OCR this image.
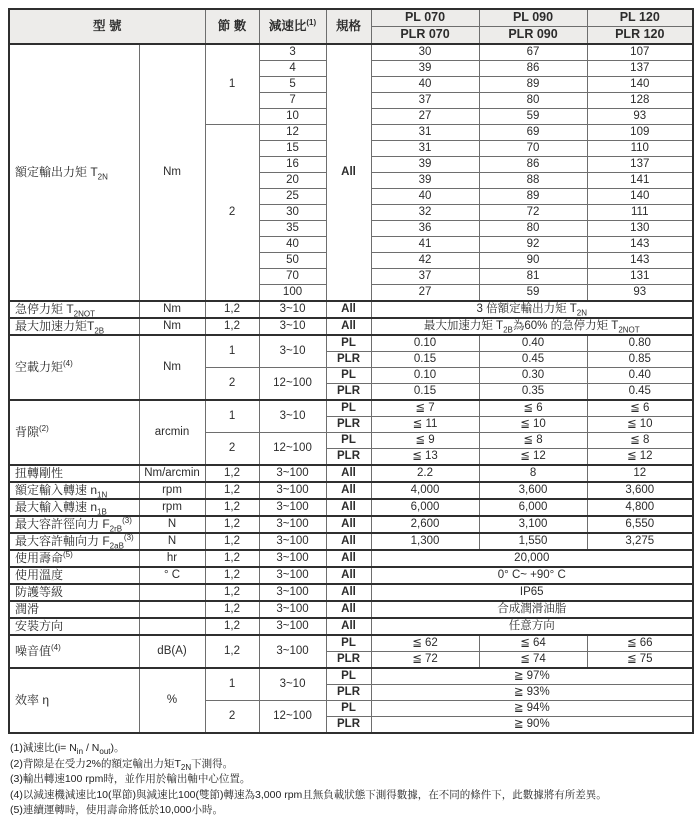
型 號		節 數	減速比$^{(1)}$	規格	PL 070	PL 090	PL 120
					PLR 070	PLR 090	PLR 120
額定輸出力矩 $T_{2N}$	Nm	1	3	All	30	67	107
			4		39	86	137
			5		40	89	140
			7		37	80	128
			10		27	59	93
		2	12		31	69	109
			15		31	70	110
			16		39	86	137
			20		39	88	141
			25		40	89	140
			30		32	72	111
			35		36	80	130
			40		41	92	143
			50		42	90	143
			70		37	81	131
			100		27	59	93
急停力矩 $T_{2NOT}$	Nm	1,2	3~10	All	3 倍額定輸出力矩 $T_{2N}$
最大加速力矩$T_{2B}$	Nm	1,2	3~10	All	最大加速力矩 $T_{2B}$為60% 的急停力矩 $T_{2NOT}$
空載力矩$^{(4)}$	Nm	1	3~10	PL	0.10	0.40	0.80
				PLR	0.15	0.45	0.85
		2	12~100	PL	0.10	0.30	0.40
				PLR	0.15	0.35	0.45
背隙$^{(2)}$	arcmin	1	3~10	PL	≦ 7	≦ 6	≦ 6
				PLR	≦ 11	≦ 10	≦ 10
		2	12~100	PL	≦ 9	≦ 8	≦ 8
				PLR	≦ 13	≦ 12	≦ 12
扭轉剛性	Nm/arcmin	1,2	3~100	All	2.2	8	12
額定輸入轉速 $n_{1N}$	rpm	1,2	3~100	All	4,000	3,600	3,600
最大輸入轉速 $n_{1B}$	rpm	1,2	3~100	All	6,000	6,000	4,800
最大容許徑向力 $F_{2rB}^{(3)}$	N	1,2	3~100	All	2,600	3,100	6,550
最大容許軸向力 $F_{2aB}^{(3)}$	N	1,2	3~100	All	1,300	1,550	3,275
使用壽命$^{(5)}$	hr	1,2	3~100	All	20,000		
使用溫度	° C	1,2	3~100	All	0° C~ +90° C		
防護等級		1,2	3~100	All	IP65		
潤滑		1,2	3~100	All	合成潤滑油脂		
安裝方向		1,2	3~100	All	任意方向		
噪音值$^{(4)}$	dB(A)	1,2	3~100	PL	≦ 62	≦ 64	≦ 66
				PLR	≦ 72	≦ 74	≦ 75
效率 η	%	1	3~10	PL	≧ 97%		
				PLR	≧ 93%		
		2	12~100	PL	≧ 94%		
				PLR	≧ 90%		
(1)減速比$(i= N_{in} / N_{out})$。
(2)背隙是在受力2%的額定輸出力矩$T_{2N}$下測得。
(3)輸出轉速100 rpm時，並作用於輸出軸中心位置。
(4)以減速機減速比10(單節)與減速比100(雙節)轉速為3,000 rpm且無負載狀態下測得數據，在不同的條件下，此數據將有所差異。
(5)連續運轉時，使用壽命將低於10,000小時。
